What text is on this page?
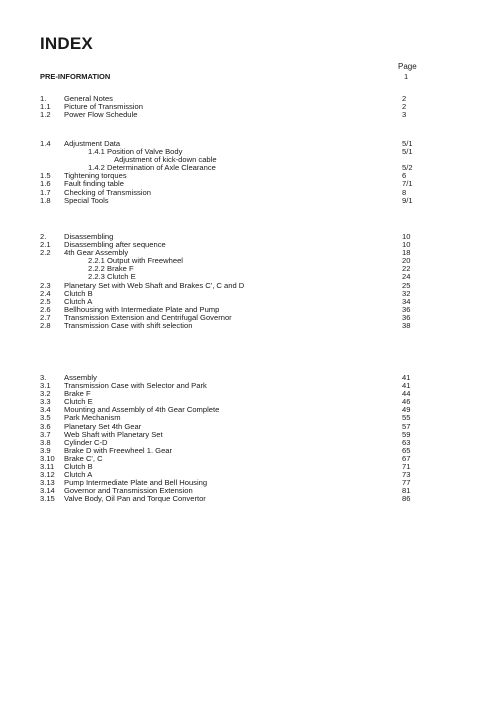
INDEX
Page
PRE-INFORMATION	1
1. General Notes	2
1.1 Picture of Transmission	2
1.2 Power Flow Schedule	3
1.4 Adjustment Data	5/1
1.4.1 Position of Valve Body	5/1
Adjustment of kick-down cable
1.4.2 Determination of Axle Clearance	5/2
1.5 Tightening torques	6
1.6 Fault finding table	7/1
1.7 Checking of Transmission	8
1.8 Special Tools	9/1
2. Disassembling	10
2.1 Disassembling after sequence	10
2.2 4th Gear Assembly	18
2.2.1 Output with Freewheel	20
2.2.2 Brake F	22
2.2.3 Clutch E	24
2.3 Planetary Set with Web Shaft and Brakes C', C and D	25
2.4 Clutch B	32
2.5 Clutch A	34
2.6 Bellhousing with Intermediate Plate and Pump	36
2.7 Transmission Extension and Centrifugal Governor	36
2.8 Transmission Case with shift selection	38
3. Assembly	41
3.1 Transmission Case with Selector and Park	41
3.2 Brake F	44
3.3 Clutch E	46
3.4 Mounting and Assembly of 4th Gear Complete	49
3.5 Park Mechanism	55
3.6 Planetary Set 4th Gear	57
3.7 Web Shaft with Planetary Set	59
3.8 Cylinder C-D	63
3.9 Brake D with Freewheel 1. Gear	65
3.10 Brake C', C	67
3.11 Clutch B	71
3.12 Clutch A	73
3.13 Pump Intermediate Plate and Bell Housing	77
3.14 Governor and Transmission Extension	81
3.15 Valve Body, Oil Pan and Torque Convertor	86
